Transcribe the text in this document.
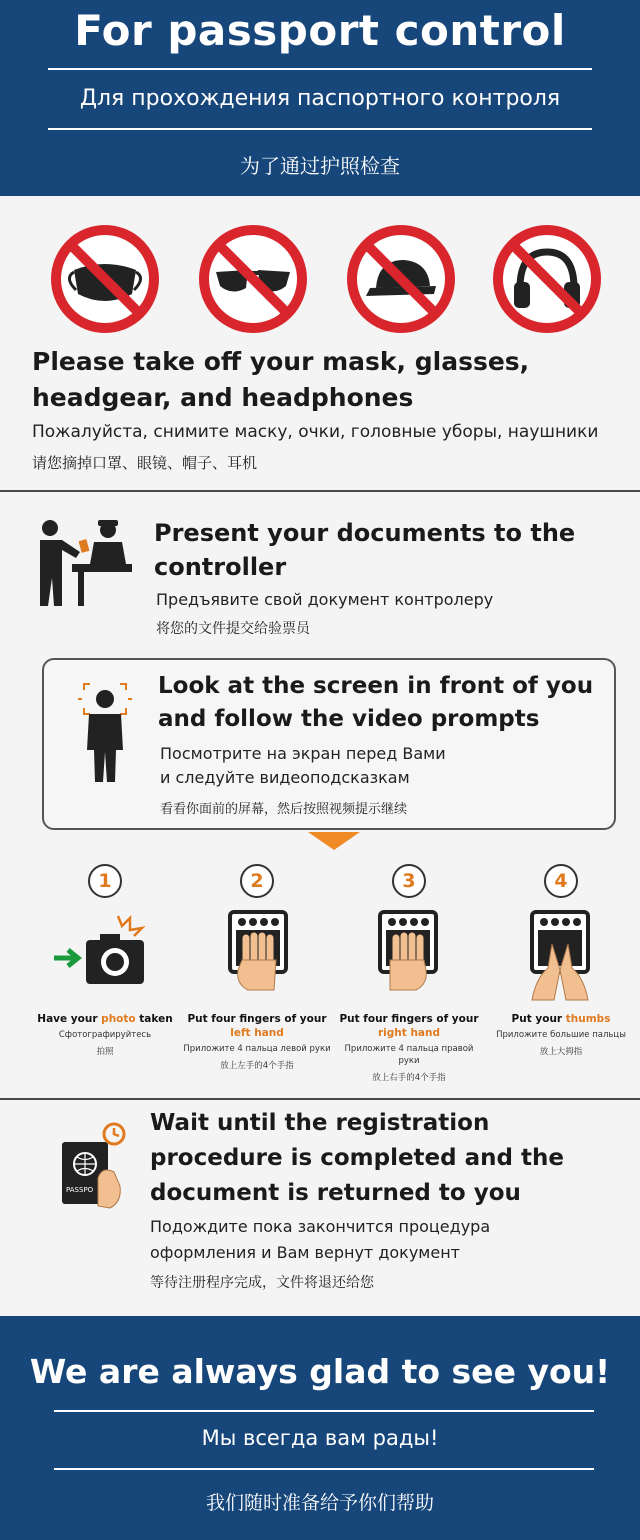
For passport control
Для прохождения паспортного контроля
为了通过护照检查
Please take off your mask, glasses, headgear, and headphones
Пожалуйста, снимите маску, очки, головные уборы, наушники
请您摘掉口罩、眼镜、帽子、耳机
Present your documents to the controller
Предъявите свой документ контролеру
将您的文件提交给验票员
Look at the screen in front of you and follow the video prompts
Посмотрите на экран перед Вами
и следуйте видеоподсказкам
看看你面前的屏幕，然后按照视频提示继续
1
Have your photo taken
Сфотографируйтесь
拍照
2
Put four fingers of your left hand
Приложите 4 пальца левой руки
放上左手的4个手指
3
Put four fingers of your right hand
Приложите 4 пальца правой руки
放上右手的4个手指
4
Put your thumbs
Приложите большие пальцы
放上大拇指
PASSPO
Wait until the registration procedure is completed and the document is returned to you
Подождите пока закончится процедура
оформления и Вам вернут документ
等待注册程序完成，文件将退还给您
We are always glad to see you!
Мы всегда вам рады!
我们随时准备给予你们帮助
